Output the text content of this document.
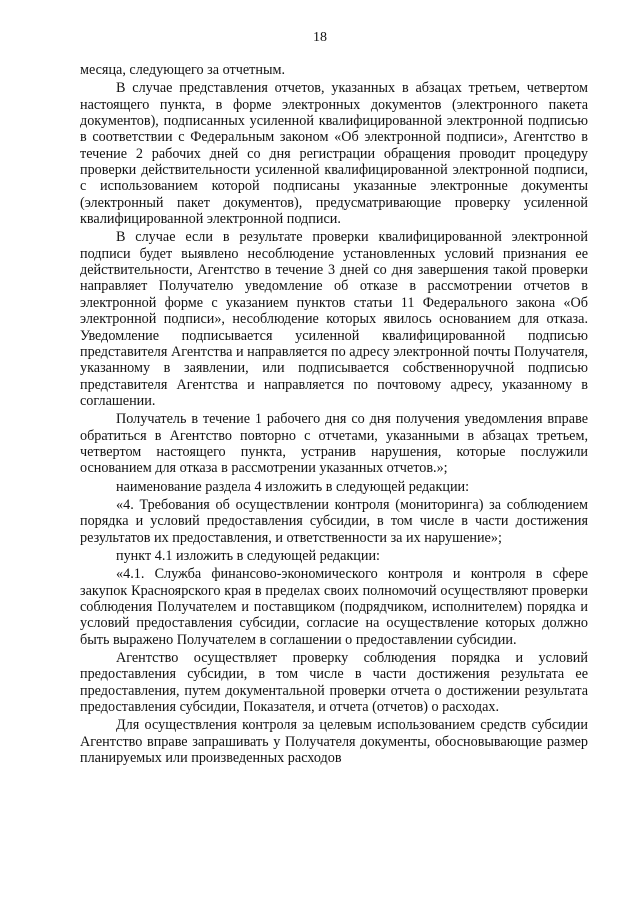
18

месяца, следующего за отчетным.

В случае представления отчетов, указанных в абзацах третьем, четвертом настоящего пункта, в форме электронных документов (электронного пакета документов), подписанных усиленной квалифицированной электронной подписью в соответствии с Федеральным законом «Об электронной подписи», Агентство в течение 2 рабочих дней со дня регистрации обращения проводит процедуру проверки действительности усиленной квалифицированной электронной подписи, с использованием которой подписаны указанные электронные документы (электронный пакет документов), предусматривающие проверку усиленной квалифицированной электронной подписи.

В случае если в результате проверки квалифицированной электронной подписи будет выявлено несоблюдение установленных условий признания ее действительности, Агентство в течение 3 дней со дня завершения такой проверки направляет Получателю уведомление об отказе в рассмотрении отчетов в электронной форме с указанием пунктов статьи 11 Федерального закона «Об электронной подписи», несоблюдение которых явилось основанием для отказа. Уведомление подписывается усиленной квалифицированной подписью представителя Агентства и направляется по адресу электронной почты Получателя, указанному в заявлении, или подписывается собственноручной подписью представителя Агентства и направляется по почтовому адресу, указанному в соглашении.

Получатель в течение 1 рабочего дня со дня получения уведомления вправе обратиться в Агентство повторно с отчетами, указанными в абзацах третьем, четвертом настоящего пункта, устранив нарушения, которые послужили основанием для отказа в рассмотрении указанных отчетов.»;

наименование раздела 4 изложить в следующей редакции:

«4. Требования об осуществлении контроля (мониторинга) за соблюдением порядка и условий предоставления субсидии, в том числе в части достижения результатов их предоставления, и ответственности за их нарушение»;

пункт 4.1 изложить в следующей редакции:

«4.1. Служба финансово-экономического контроля и контроля в сфере закупок Красноярского края в пределах своих полномочий осуществляют проверки соблюдения Получателем и поставщиком (подрядчиком, исполнителем) порядка и условий предоставления субсидии, согласие на осуществление которых должно быть выражено Получателем в соглашении о предоставлении субсидии.

Агентство осуществляет проверку соблюдения порядка и условий предоставления субсидии, в том числе в части достижения результата ее предоставления, путем документальной проверки отчета о достижении результата предоставления субсидии, Показателя, и отчета (отчетов) о расходах.

Для осуществления контроля за целевым использованием средств субсидии Агентство вправе запрашивать у Получателя документы, обосновывающие размер планируемых или произведенных расходов
